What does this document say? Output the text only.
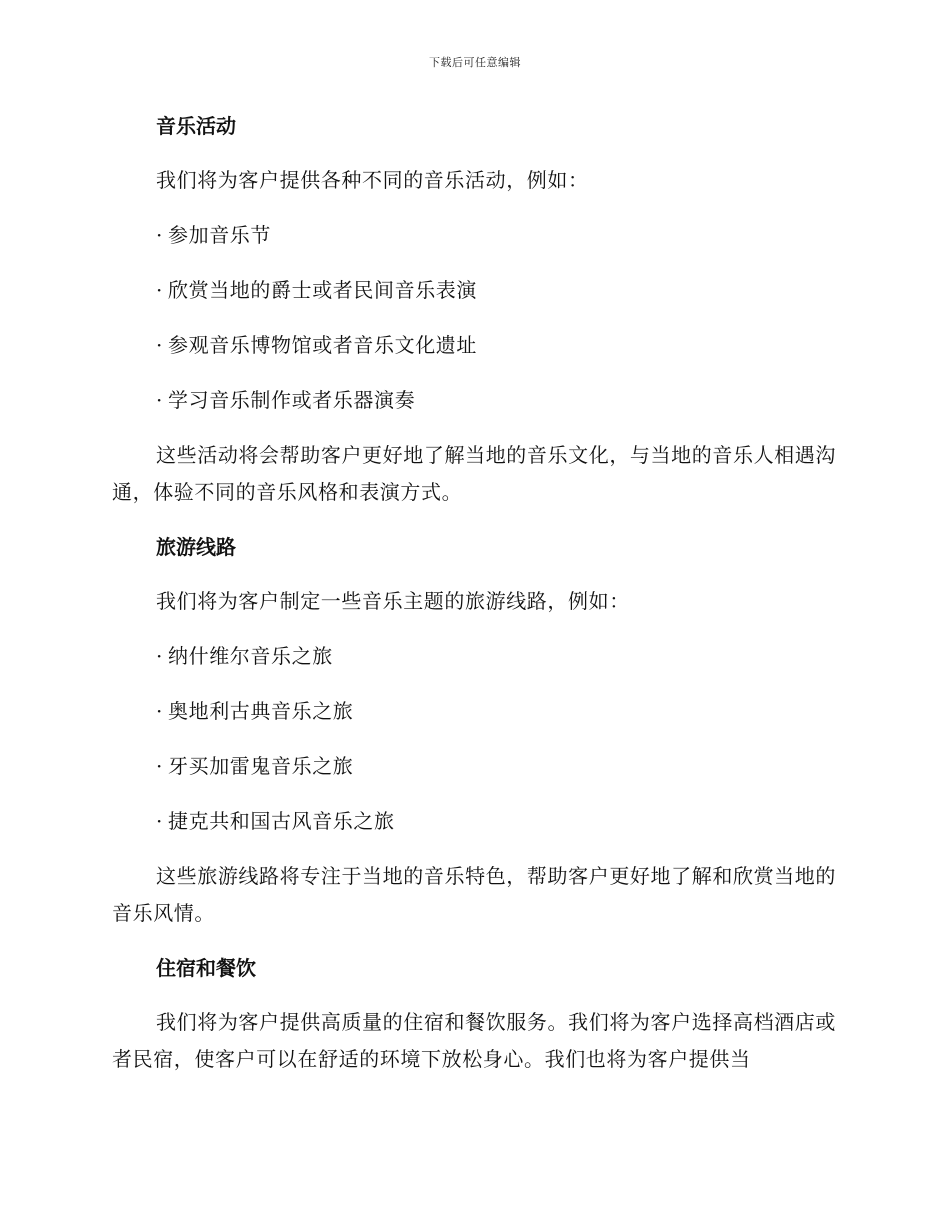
下载后可任意编辑
音乐活动

我们将为客户提供各种不同的音乐活动，例如：

· 参加音乐节
· 欣赏当地的爵士或者民间音乐表演
· 参观音乐博物馆或者音乐文化遗址
· 学习音乐制作或者乐器演奏

这些活动将会帮助客户更好地了解当地的音乐文化，与当地的音乐人相遇沟通，体验不同的音乐风格和表演方式。

旅游线路

我们将为客户制定一些音乐主题的旅游线路，例如：

· 纳什维尔音乐之旅
· 奥地利古典音乐之旅
· 牙买加雷鬼音乐之旅
· 捷克共和国古风音乐之旅

这些旅游线路将专注于当地的音乐特色，帮助客户更好地了解和欣赏当地的音乐风情。

住宿和餐饮

我们将为客户提供高质量的住宿和餐饮服务。我们将为客户选择高档酒店或者民宿，使客户可以在舒适的环境下放松身心。我们也将为客户提供当
